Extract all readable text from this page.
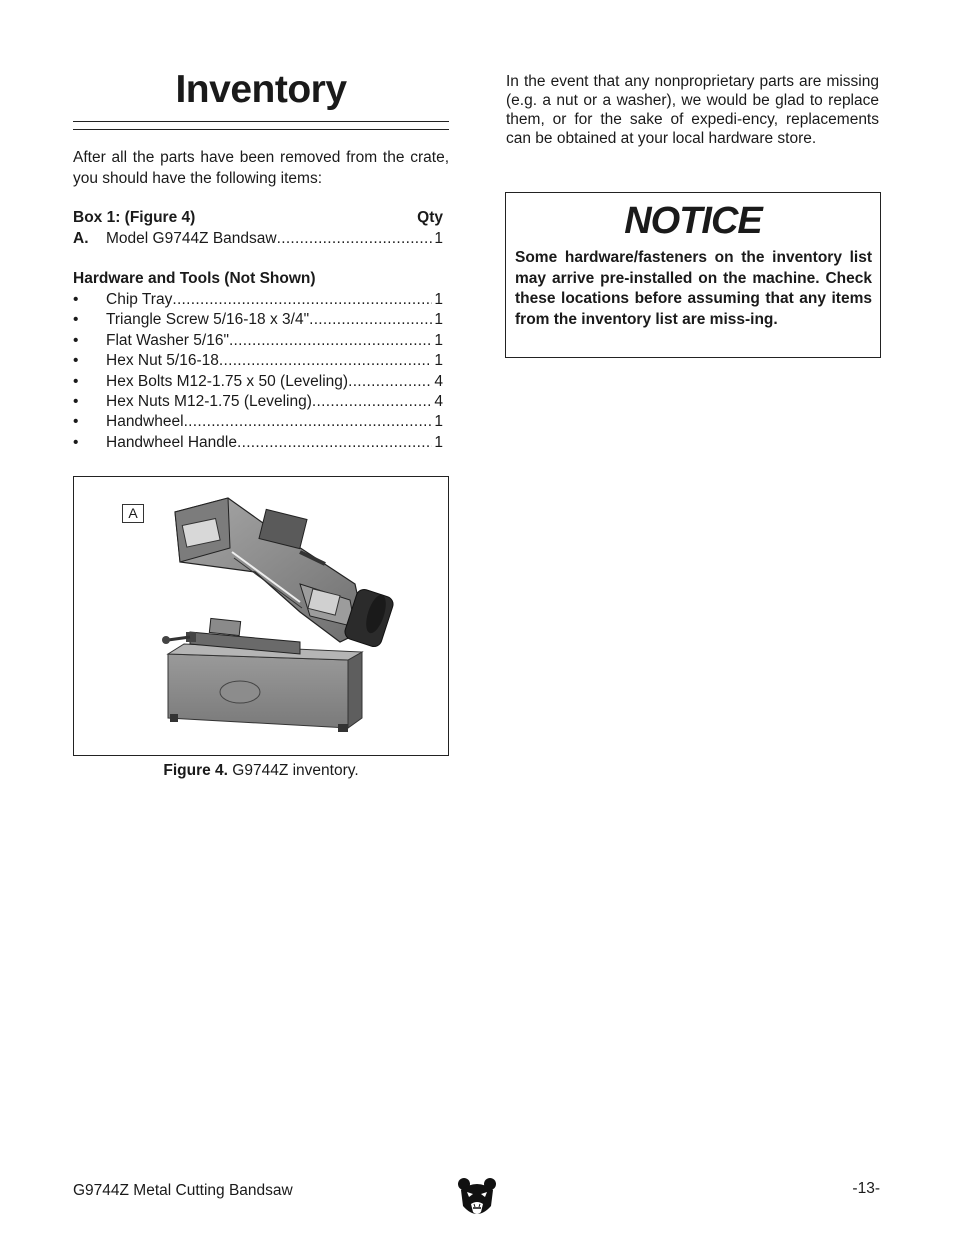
Inventory

After all the parts have been removed from the crate, you should have the following items:

Box 1: (Figure 4)	Qty
A.	Model G9744Z Bandsaw .....	1
Hardware and Tools (Not Shown)
•	Chip Tray .....	1
•	Triangle Screw 5/16-18 x 3/4" .....	1
•	Flat Washer 5/16" .....	1
•	Hex Nut 5/16-18 .....	1
•	Hex Bolts M12-1.75 x 50 (Leveling) .....	4
•	Hex Nuts M12-1.75 (Leveling) .....	4
•	Handwheel .....	1
•	Handwheel Handle .....	1
A
Figure 4. G9744Z inventory.

In the event that any nonproprietary parts are missing (e.g. a nut or a washer), we would be glad to replace them, or for the sake of expedi-ency, replacements can be obtained at your local hardware store.

NOTICE

Some hardware/fasteners on the inventory list may arrive pre-installed on the machine. Check these locations before assuming that any items from the inventory list are miss-ing.

G9744Z Metal Cutting Bandsaw	-13-
